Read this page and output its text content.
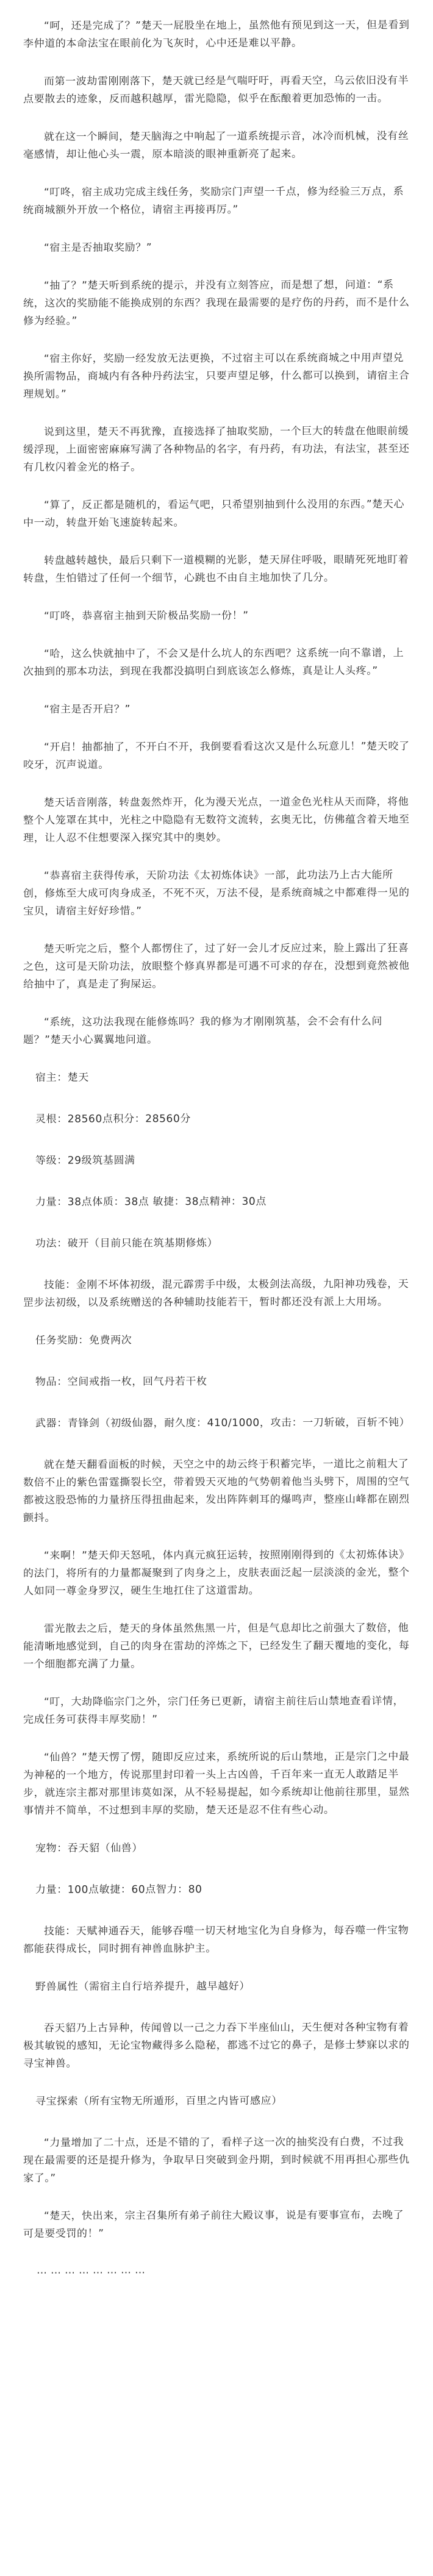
“呵，还是完成了？”楚天一屁股坐在地上，虽然他有预见到这一天，但是看到李仲道的本命法宝在眼前化为飞灰时，心中还是难以平静。

而第一波劫雷刚刚落下，楚天就已经是气喘吁吁，再看天空，乌云依旧没有半点要散去的迹象，反而越积越厚，雷光隐隐，似乎在酝酿着更加恐怖的一击。

就在这一个瞬间，楚天脑海之中响起了一道系统提示音，冰冷而机械，没有丝毫感情，却让他心头一震，原本暗淡的眼神重新亮了起来。

“叮咚，宿主成功完成主线任务，奖励宗门声望一千点，修为经验三万点，系统商城额外开放一个格位，请宿主再接再厉。”

“宿主是否抽取奖励？”

“抽了？”楚天听到系统的提示，并没有立刻答应，而是想了想，问道：“系统，这次的奖励能不能换成别的东西？我现在最需要的是疗伤的丹药，而不是什么修为经验。”

“宿主你好，奖励一经发放无法更换，不过宿主可以在系统商城之中用声望兑换所需物品，商城内有各种丹药法宝，只要声望足够，什么都可以换到，请宿主合理规划。”

说到这里，楚天不再犹豫，直接选择了抽取奖励，一个巨大的转盘在他眼前缓缓浮现，上面密密麻麻写满了各种物品的名字，有丹药，有功法，有法宝，甚至还有几枚闪着金光的格子。

“算了，反正都是随机的，看运气吧，只希望别抽到什么没用的东西。”楚天心中一动，转盘开始飞速旋转起来。

转盘越转越快，最后只剩下一道模糊的光影，楚天屏住呼吸，眼睛死死地盯着转盘，生怕错过了任何一个细节，心跳也不由自主地加快了几分。

“叮咚，恭喜宿主抽到天阶极品奖励一份！”

“哈，这么快就抽中了，不会又是什么坑人的东西吧？这系统一向不靠谱，上次抽到的那本功法，到现在我都没搞明白到底该怎么修炼，真是让人头疼。”

“宿主是否开启？”

“开启！抽都抽了，不开白不开，我倒要看看这次又是什么玩意儿！”楚天咬了咬牙，沉声说道。

楚天话音刚落，转盘轰然炸开，化为漫天光点，一道金色光柱从天而降，将他整个人笼罩在其中，光柱之中隐隐有无数符文流转，玄奥无比，仿佛蕴含着天地至理，让人忍不住想要深入探究其中的奥妙。

“恭喜宿主获得传承，天阶功法《太初炼体诀》一部，此功法乃上古大能所创，修炼至大成可肉身成圣，不死不灭，万法不侵，是系统商城之中都难得一见的宝贝，请宿主好好珍惜。”

楚天听完之后，整个人都愣住了，过了好一会儿才反应过来，脸上露出了狂喜之色，这可是天阶功法，放眼整个修真界都是可遇不可求的存在，没想到竟然被他给抽中了，真是走了狗屎运。

“系统，这功法我现在能修炼吗？我的修为才刚刚筑基，会不会有什么问题？”楚天小心翼翼地问道。

宿主：楚天

灵根：28560点积分：28560分

等级：29级筑基圆满

力量：38点体质：38点 敏捷：38点精神：30点

功法：破开（目前只能在筑基期修炼）

技能：金刚不坏体初级，混元霹雳手中级，太极剑法高级，九阳神功残卷，天罡步法初级，以及系统赠送的各种辅助技能若干，暂时都还没有派上大用场。

任务奖励：免费两次

物品：空间戒指一枚，回气丹若干枚

武器：青锋剑（初级仙器，耐久度：410/1000，攻击：一刀斩破，百斩不钝）

就在楚天翻看面板的时候，天空之中的劫云终于积蓄完毕，一道比之前粗大了数倍不止的紫色雷霆撕裂长空，带着毁天灭地的气势朝着他当头劈下，周围的空气都被这股恐怖的力量挤压得扭曲起来，发出阵阵刺耳的爆鸣声，整座山峰都在剧烈颤抖。

“来啊！”楚天仰天怒吼，体内真元疯狂运转，按照刚刚得到的《太初炼体诀》的法门，将所有的力量都凝聚到了肉身之上，皮肤表面泛起一层淡淡的金光，整个人如同一尊金身罗汉，硬生生地扛住了这道雷劫。

雷光散去之后，楚天的身体虽然焦黑一片，但是气息却比之前强大了数倍，他能清晰地感觉到，自己的肉身在雷劫的淬炼之下，已经发生了翻天覆地的变化，每一个细胞都充满了力量。

“叮，大劫降临宗门之外，宗门任务已更新，请宿主前往后山禁地查看详情，完成任务可获得丰厚奖励！”

“仙兽？”楚天愣了愣，随即反应过来，系统所说的后山禁地，正是宗门之中最为神秘的一个地方，传说那里封印着一头上古凶兽，千百年来一直无人敢踏足半步，就连宗主都对那里讳莫如深，从不轻易提起，如今系统却让他前往那里，显然事情并不简单，不过想到丰厚的奖励，楚天还是忍不住有些心动。

宠物：吞天貂（仙兽）

力量：100点敏捷：60点智力：80

技能：天赋神通吞天，能够吞噬一切天材地宝化为自身修为，每吞噬一件宝物都能获得成长，同时拥有神兽血脉护主。

野兽属性（需宿主自行培养提升，越早越好）

吞天貂乃上古异种，传闻曾以一己之力吞下半座仙山，天生便对各种宝物有着极其敏锐的感知，无论宝物藏得多么隐秘，都逃不过它的鼻子，是修士梦寐以求的寻宝神兽。

寻宝探索（所有宝物无所遁形，百里之内皆可感应）

“力量增加了二十点，还是不错的了，看样子这一次的抽奖没有白费，不过我现在最需要的还是提升修为，争取早日突破到金丹期，到时候就不用再担心那些仇家了。”

“楚天，快出来，宗主召集所有弟子前往大殿议事，说是有要事宣布，去晚了可是要受罚的！”

……………………
